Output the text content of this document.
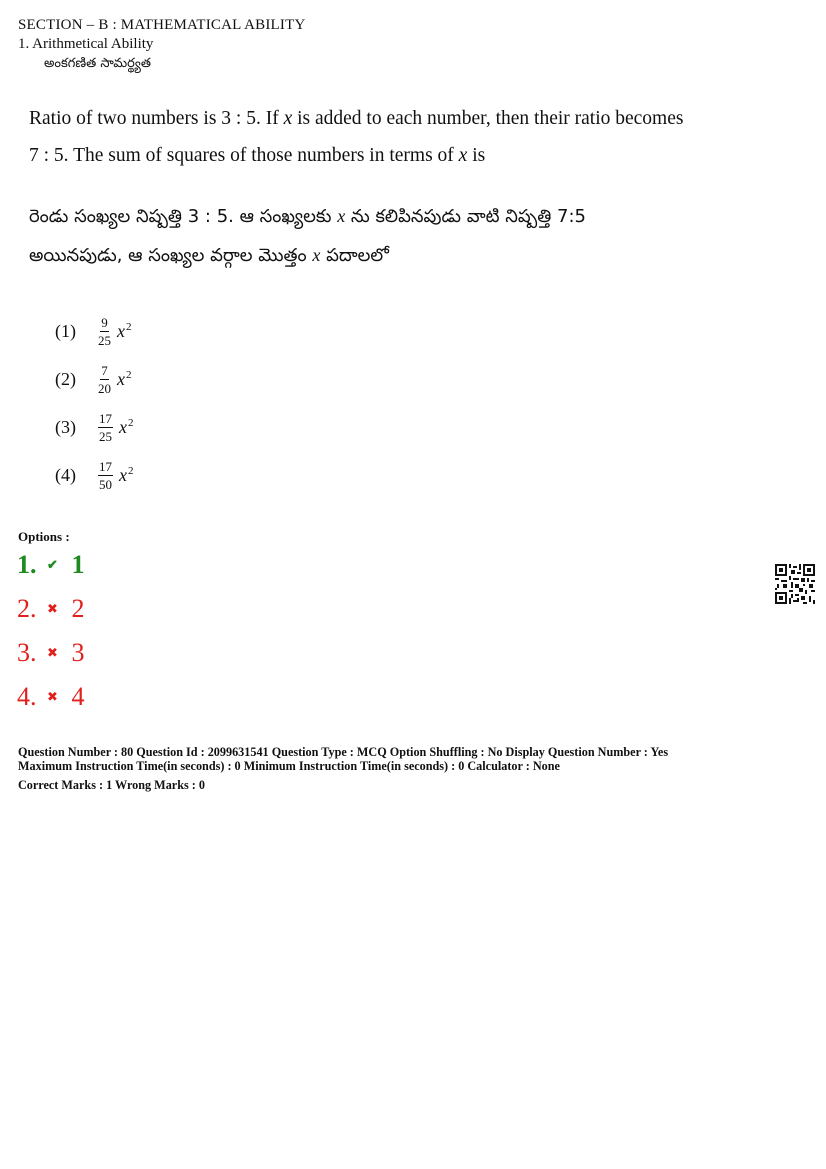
SECTION – B : MATHEMATICAL ABILITY
1. Arithmetical Ability
అంకగణిత సామర్థ్యత
Ratio of two numbers is 3 : 5. If x is added to each number, then their ratio becomes
7 : 5. The sum of squares of those numbers in terms of x is
రెండు సంఖ్యల నిష్పత్తి 3 : 5. ఆ సంఖ్యలకు x ను కలిపినపుడు వాటి నిష్పత్తి 7:5
అయినపుడు, ఆ సంఖ్యల వర్గాల మొత్తం x పదాలలో
(1)	$\frac{9}{25} x^2$
(2)	$\frac{7}{20} x^2$
(3)	$\frac{17}{25} x^2$
(4)	$\frac{17}{50} x^2$
Options :
1. ✔ 1
2. ✖ 2
3. ✖ 3
4. ✖ 4
Question Number : 80 Question Id : 2099631541 Question Type : MCQ Option Shuffling : No Display Question Number : Yes
Maximum Instruction Time(in seconds) : 0 Minimum Instruction Time(in seconds) : 0 Calculator : None
Correct Marks : 1 Wrong Marks : 0
